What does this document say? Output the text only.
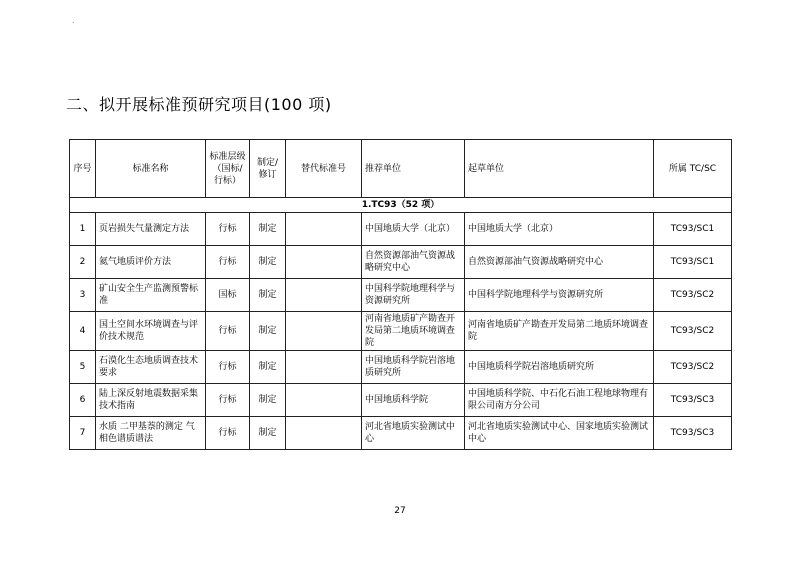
.
二、拟开展标准预研究项目(100 项)
序号	标准名称	标准层级（国标/行标）	制定/修订	替代标准号	推荐单位	起草单位	所属 TC/SC
1.TC93（52 项）							
1	页岩损失气量测定方法	行标	制定		中国地质大学（北京）	中国地质大学（北京）	TC93/SC1
2	氦气地质评价方法	行标	制定		自然资源部油气资源战略研究中心	自然资源部油气资源战略研究中心	TC93/SC1
3	矿山安全生产监测预警标准	国标	制定		中国科学院地理科学与资源研究所	中国科学院地理科学与资源研究所	TC93/SC2
4	国土空间水环境调查与评价技术规范	行标	制定		河南省地质矿产勘查开发局第二地质环境调查院	河南省地质矿产勘查开发局第二地质环境调查院	TC93/SC2
5	石漠化生态地质调查技术要求	行标	制定		中国地质科学院岩溶地质研究所	中国地质科学院岩溶地质研究所	TC93/SC2
6	陆上深反射地震数据采集技术指南	行标	制定		中国地质科学院	中国地质科学院、中石化石油工程地球物理有限公司南方分公司	TC93/SC3
7	水质 二甲基萘的测定 气相色谱质谱法	行标	制定		河北省地质实验测试中心	河北省地质实验测试中心、国家地质实验测试中心	TC93/SC3
27
